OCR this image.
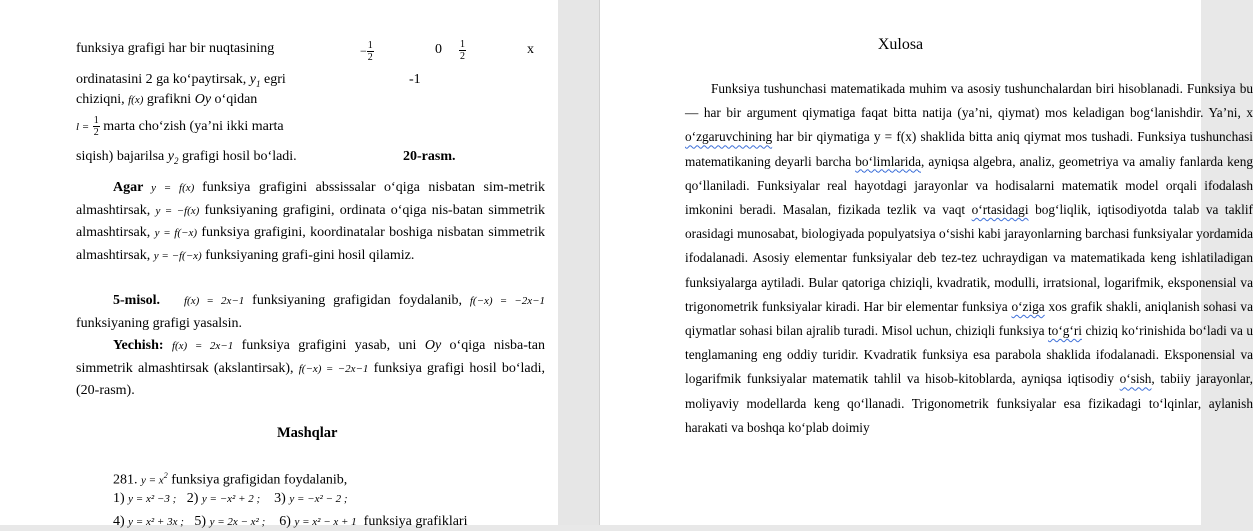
funksiya grafigi har bir nuqtasining
ordinatasini 2 ga ko‘paytirsak, $y_1$ egri
chiziqni, f(x) grafikni Oy o‘qidan
$l = \frac{1}{2}$ marta cho‘zish (ya’ni ikki marta
siqish) bajarilsa $y_2$ grafigi hosil bo‘ladi.
− $\frac{1}{2}$	$0 \frac{1}{2}$	x
-1
20-rasm.
Agar y = f(x) funksiya grafigini abssissalar o‘qiga nisbatan sim-metrik almashtirsak, y = −f(x) funksiyaning grafigini, ordinata o‘qiga nis-batan simmetrik almashtirsak, y = f(−x) funksiya grafigini, koordinatalar boshiga nisbatan simmetrik almashtirsak, y = −f(−x) funksiyaning grafi-gini hosil qilamiz.
5-misol. f(x) = 2x−1 funksiyaning grafigidan foydalanib, f(−x) = −2x−1 funksiyaning grafigi yasalsin.
Yechish: f(x) = 2x−1 funksiya grafigini yasab, uni Oy o‘qiga nisba-tan simmetrik almashtirsak (akslantirsak), f(−x) = −2x−1 funksiya grafigi hosil bo‘ladi, (20-rasm).
Mashqlar
281. $y = x^2$ funksiya grafigidan foydalanib,
1) y = x² −3 ; 2) y = −x² + 2 ; 3) y = −x² − 2 ;
4) y = x² + 3x ; 5) y = 2x − x² ; 6) y = x² − x + 1 funksiya grafiklari
Xulosa
Funksiya tushunchasi matematikada muhim va asosiy tushunchalardan biri hisoblanadi. Funksiya bu — har bir argument qiymatiga faqat bitta natija (ya’ni, qiymat) mos keladigan bog‘lanishdir. Ya’ni, x o‘zgaruvchining har bir qiymatiga y = f(x) shaklida bitta aniq qiymat mos tushadi. Funksiya tushunchasi matematikaning deyarli barcha bo‘limlarida, ayniqsa algebra, analiz, geometriya va amaliy fanlarda keng qo‘llaniladi. Funksiyalar real hayotdagi jarayonlar va hodisalarni matematik model orqali ifodalash imkonini beradi. Masalan, fizikada tezlik va vaqt o‘rtasidagi bog‘liqlik, iqtisodiyotda talab va taklif orasidagi munosabat, biologiyada populyatsiya o‘sishi kabi jarayonlarning barchasi funksiyalar yordamida ifodalanadi. Asosiy elementar funksiyalar deb tez-tez uchraydigan va matematikada keng ishlatiladigan funksiyalarga aytiladi. Bular qatoriga chiziqli, kvadratik, modulli, irratsional, logarifmik, eksponensial va trigonometrik funksiyalar kiradi. Har bir elementar funksiya o‘ziga xos grafik shakli, aniqlanish sohasi va qiymatlar sohasi bilan ajralib turadi. Misol uchun, chiziqli funksiya to‘g‘ri chiziq ko‘rinishida bo‘ladi va u tenglamaning eng oddiy turidir. Kvadratik funksiya esa parabola shaklida ifodalanadi. Eksponensial va logarifmik funksiyalar matematik tahlil va hisob-kitoblarda, ayniqsa iqtisodiy o‘sish, tabiiy jarayonlar, moliyaviy modellarda keng qo‘llanadi. Trigonometrik funksiyalar esa fizikadagi to‘lqinlar, aylanish harakati va boshqa ko‘plab doimiy
